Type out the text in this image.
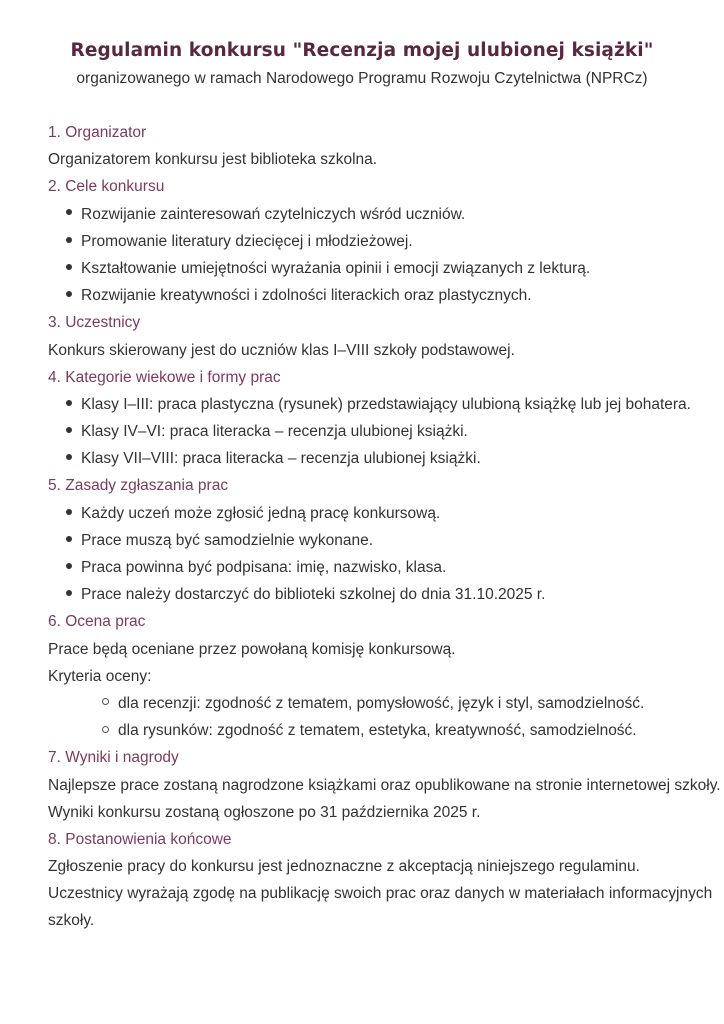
Regulamin konkursu "Recenzja mojej ulubionej książki"
organizowanego w ramach Narodowego Programu Rozwoju Czytelnictwa (NPRCz)
1. Organizator
Organizatorem konkursu jest biblioteka szkolna.
2. Cele konkursu
Rozwijanie zainteresowań czytelniczych wśród uczniów.
Promowanie literatury dziecięcej i młodzieżowej.
Kształtowanie umiejętności wyrażania opinii i emocji związanych z lekturą.
Rozwijanie kreatywności i zdolności literackich oraz plastycznych.
3. Uczestnicy
Konkurs skierowany jest do uczniów klas I–VIII szkoły podstawowej.
4. Kategorie wiekowe i formy prac
Klasy I–III: praca plastyczna (rysunek) przedstawiający ulubioną książkę lub jej bohatera.
Klasy IV–VI: praca literacka – recenzja ulubionej książki.
Klasy VII–VIII: praca literacka – recenzja ulubionej książki.
5. Zasady zgłaszania prac
Każdy uczeń może zgłosić jedną pracę konkursową.
Prace muszą być samodzielnie wykonane.
Praca powinna być podpisana: imię, nazwisko, klasa.
Prace należy dostarczyć do biblioteki szkolnej do dnia 31.10.2025 r.
6. Ocena prac
Prace będą oceniane przez powołaną komisję konkursową.
Kryteria oceny:
dla recenzji: zgodność z tematem, pomysłowość, język i styl, samodzielność.
dla rysunków: zgodność z tematem, estetyka, kreatywność, samodzielność.
7. Wyniki i nagrody
Najlepsze prace zostaną nagrodzone książkami oraz opublikowane na stronie internetowej szkoły.
Wyniki konkursu zostaną ogłoszone po 31 października 2025 r.
8. Postanowienia końcowe
Zgłoszenie pracy do konkursu jest jednoznaczne z akceptacją niniejszego regulaminu.
Uczestnicy wyrażają zgodę na publikację swoich prac oraz danych w materiałach informacyjnych
szkoły.
